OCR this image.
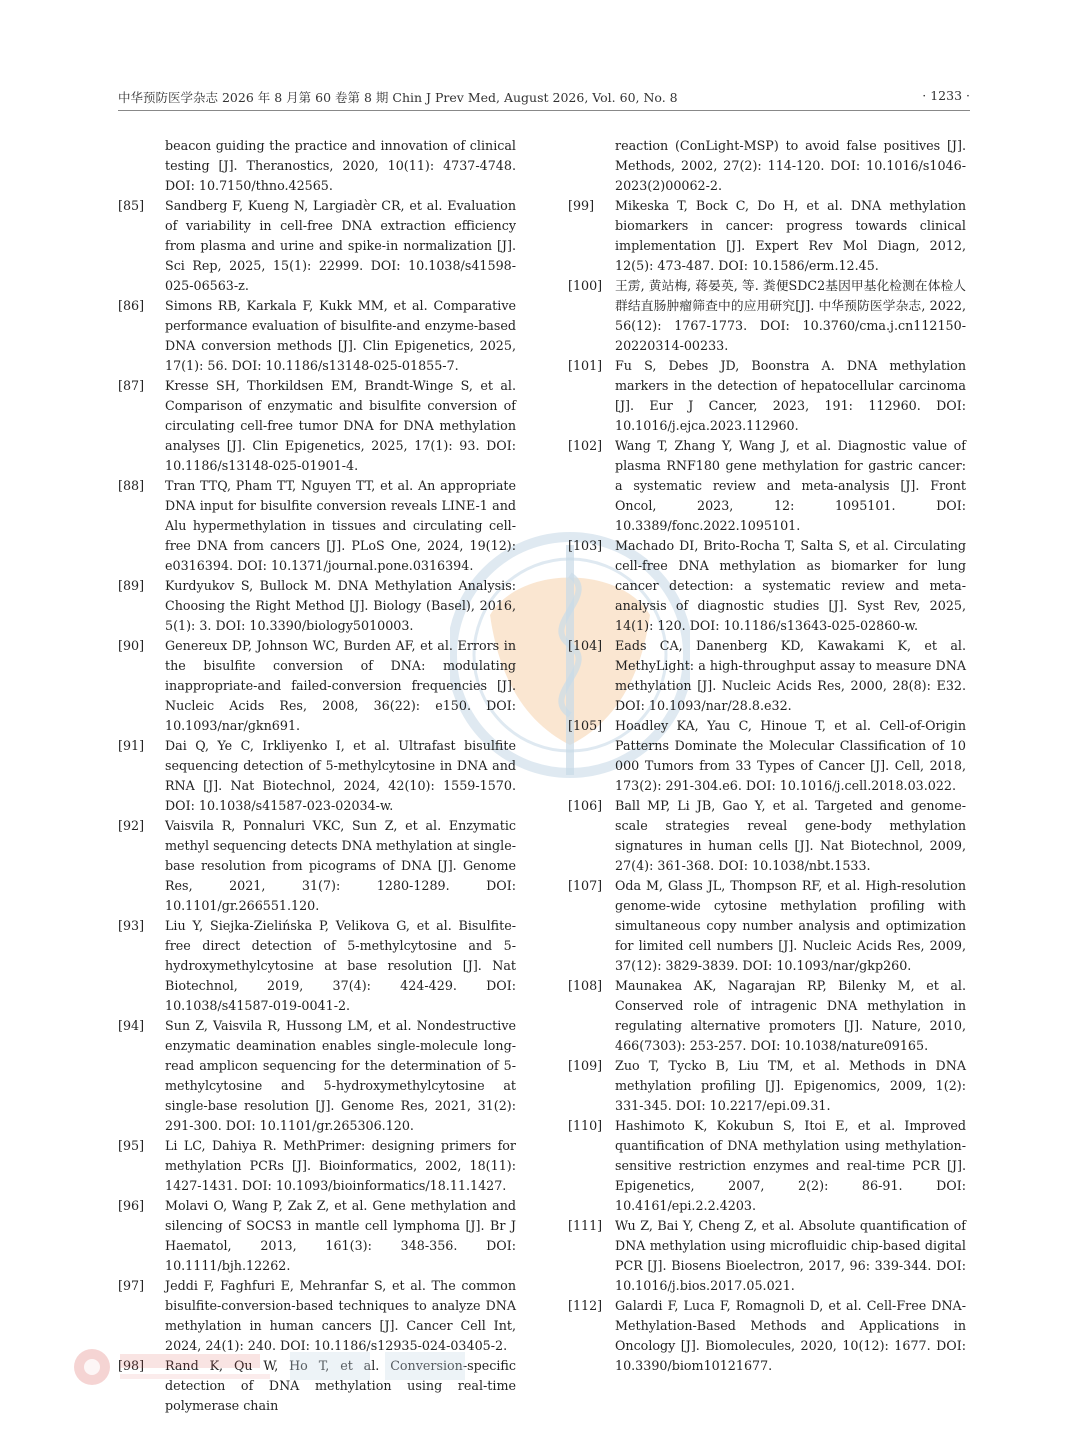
中华预防医学杂志 2026 年 8 月第 60 卷第 8 期 Chin J Prev Med, August 2026, Vol. 60, No. 8	· 1233 ·
beacon guiding the practice and innovation of clinical testing [J]. Theranostics, 2020, 10(11): 4737-4748. DOI: 10.7150/thno.42565.
[85]	Sandberg F, Kueng N, Largiadèr CR, et al. Evaluation of variability in cell-free DNA extraction efficiency from plasma and urine and spike-in normalization [J]. Sci Rep, 2025, 15(1): 22999. DOI: 10.1038/s41598-025-06563-z.
[86]	Simons RB, Karkala F, Kukk MM, et al. Comparative performance evaluation of bisulfite-and enzyme-based DNA conversion methods [J]. Clin Epigenetics, 2025, 17(1): 56. DOI: 10.1186/s13148-025-01855-7.
[87]	Kresse SH, Thorkildsen EM, Brandt-Winge S, et al. Comparison of enzymatic and bisulfite conversion of circulating cell-free tumor DNA for DNA methylation analyses [J]. Clin Epigenetics, 2025, 17(1): 93. DOI: 10.1186/s13148-025-01901-4.
[88]	Tran TTQ, Pham TT, Nguyen TT, et al. An appropriate DNA input for bisulfite conversion reveals LINE-1 and Alu hypermethylation in tissues and circulating cell-free DNA from cancers [J]. PLoS One, 2024, 19(12): e0316394. DOI: 10.1371/journal.pone.0316394.
[89]	Kurdyukov S, Bullock M. DNA Methylation Analysis: Choosing the Right Method [J]. Biology (Basel), 2016, 5(1): 3. DOI: 10.3390/biology5010003.
[90]	Genereux DP, Johnson WC, Burden AF, et al. Errors in the bisulfite conversion of DNA: modulating inappropriate-and failed-conversion frequencies [J]. Nucleic Acids Res, 2008, 36(22): e150. DOI: 10.1093/nar/gkn691.
[91]	Dai Q, Ye C, Irkliyenko I, et al. Ultrafast bisulfite sequencing detection of 5-methylcytosine in DNA and RNA [J]. Nat Biotechnol, 2024, 42(10): 1559-1570. DOI: 10.1038/s41587-023-02034-w.
[92]	Vaisvila R, Ponnaluri VKC, Sun Z, et al. Enzymatic methyl sequencing detects DNA methylation at single-base resolution from picograms of DNA [J]. Genome Res, 2021, 31(7): 1280-1289. DOI: 10.1101/gr.266551.120.
[93]	Liu Y, Siejka-Zielińska P, Velikova G, et al. Bisulfite-free direct detection of 5-methylcytosine and 5-hydroxymethylcytosine at base resolution [J]. Nat Biotechnol, 2019, 37(4): 424-429. DOI: 10.1038/s41587-019-0041-2.
[94]	Sun Z, Vaisvila R, Hussong LM, et al. Nondestructive enzymatic deamination enables single-molecule long-read amplicon sequencing for the determination of 5-methylcytosine and 5-hydroxymethylcytosine at single-base resolution [J]. Genome Res, 2021, 31(2): 291-300. DOI: 10.1101/gr.265306.120.
[95]	Li LC, Dahiya R. MethPrimer: designing primers for methylation PCRs [J]. Bioinformatics, 2002, 18(11): 1427-1431. DOI: 10.1093/bioinformatics/18.11.1427.
[96]	Molavi O, Wang P, Zak Z, et al. Gene methylation and silencing of SOCS3 in mantle cell lymphoma [J]. Br J Haematol, 2013, 161(3): 348-356. DOI: 10.1111/bjh.12262.
[97]	Jeddi F, Faghfuri E, Mehranfar S, et al. The common bisulfite-conversion-based techniques to analyze DNA methylation in human cancers [J]. Cancer Cell Int, 2024, 24(1): 240. DOI: 10.1186/s12935-024-03405-2.
[98]	Rand K, Qu W, Ho T, et al. Conversion-specific detection of DNA methylation using real-time polymerase chain
reaction (ConLight-MSP) to avoid false positives [J]. Methods, 2002, 27(2): 114-120. DOI: 10.1016/s1046-2023(2)00062-2.
[99]	Mikeska T, Bock C, Do H, et al. DNA methylation biomarkers in cancer: progress towards clinical implementation [J]. Expert Rev Mol Diagn, 2012, 12(5): 473-487. DOI: 10.1586/erm.12.45.
[100]	王雳, 黄站梅, 蒋晏英, 等. 粪便SDC2基因甲基化检测在体检人群结直肠肿瘤筛查中的应用研究[J]. 中华预防医学杂志, 2022, 56(12): 1767-1773. DOI: 10.3760/cma.j.cn112150-20220314-00233.
[101]	Fu S, Debes JD, Boonstra A. DNA methylation markers in the detection of hepatocellular carcinoma [J]. Eur J Cancer, 2023, 191: 112960. DOI: 10.1016/j.ejca.2023.112960.
[102]	Wang T, Zhang Y, Wang J, et al. Diagnostic value of plasma RNF180 gene methylation for gastric cancer: a systematic review and meta-analysis [J]. Front Oncol, 2023, 12: 1095101. DOI: 10.3389/fonc.2022.1095101.
[103]	Machado DI, Brito-Rocha T, Salta S, et al. Circulating cell-free DNA methylation as biomarker for lung cancer detection: a systematic review and meta-analysis of diagnostic studies [J]. Syst Rev, 2025, 14(1): 120. DOI: 10.1186/s13643-025-02860-w.
[104]	Eads CA, Danenberg KD, Kawakami K, et al. MethyLight: a high-throughput assay to measure DNA methylation [J]. Nucleic Acids Res, 2000, 28(8): E32. DOI: 10.1093/nar/28.8.e32.
[105]	Hoadley KA, Yau C, Hinoue T, et al. Cell-of-Origin Patterns Dominate the Molecular Classification of 10 000 Tumors from 33 Types of Cancer [J]. Cell, 2018, 173(2): 291-304.e6. DOI: 10.1016/j.cell.2018.03.022.
[106]	Ball MP, Li JB, Gao Y, et al. Targeted and genome-scale strategies reveal gene-body methylation signatures in human cells [J]. Nat Biotechnol, 2009, 27(4): 361-368. DOI: 10.1038/nbt.1533.
[107]	Oda M, Glass JL, Thompson RF, et al. High-resolution genome-wide cytosine methylation profiling with simultaneous copy number analysis and optimization for limited cell numbers [J]. Nucleic Acids Res, 2009, 37(12): 3829-3839. DOI: 10.1093/nar/gkp260.
[108]	Maunakea AK, Nagarajan RP, Bilenky M, et al. Conserved role of intragenic DNA methylation in regulating alternative promoters [J]. Nature, 2010, 466(7303): 253-257. DOI: 10.1038/nature09165.
[109]	Zuo T, Tycko B, Liu TM, et al. Methods in DNA methylation profiling [J]. Epigenomics, 2009, 1(2): 331-345. DOI: 10.2217/epi.09.31.
[110]	Hashimoto K, Kokubun S, Itoi E, et al. Improved quantification of DNA methylation using methylation-sensitive restriction enzymes and real-time PCR [J]. Epigenetics, 2007, 2(2): 86-91. DOI: 10.4161/epi.2.2.4203.
[111]	Wu Z, Bai Y, Cheng Z, et al. Absolute quantification of DNA methylation using microfluidic chip-based digital PCR [J]. Biosens Bioelectron, 2017, 96: 339-344. DOI: 10.1016/j.bios.2017.05.021.
[112]	Galardi F, Luca F, Romagnoli D, et al. Cell-Free DNA-Methylation-Based Methods and Applications in Oncology [J]. Biomolecules, 2020, 10(12): 1677. DOI: 10.3390/biom10121677.
